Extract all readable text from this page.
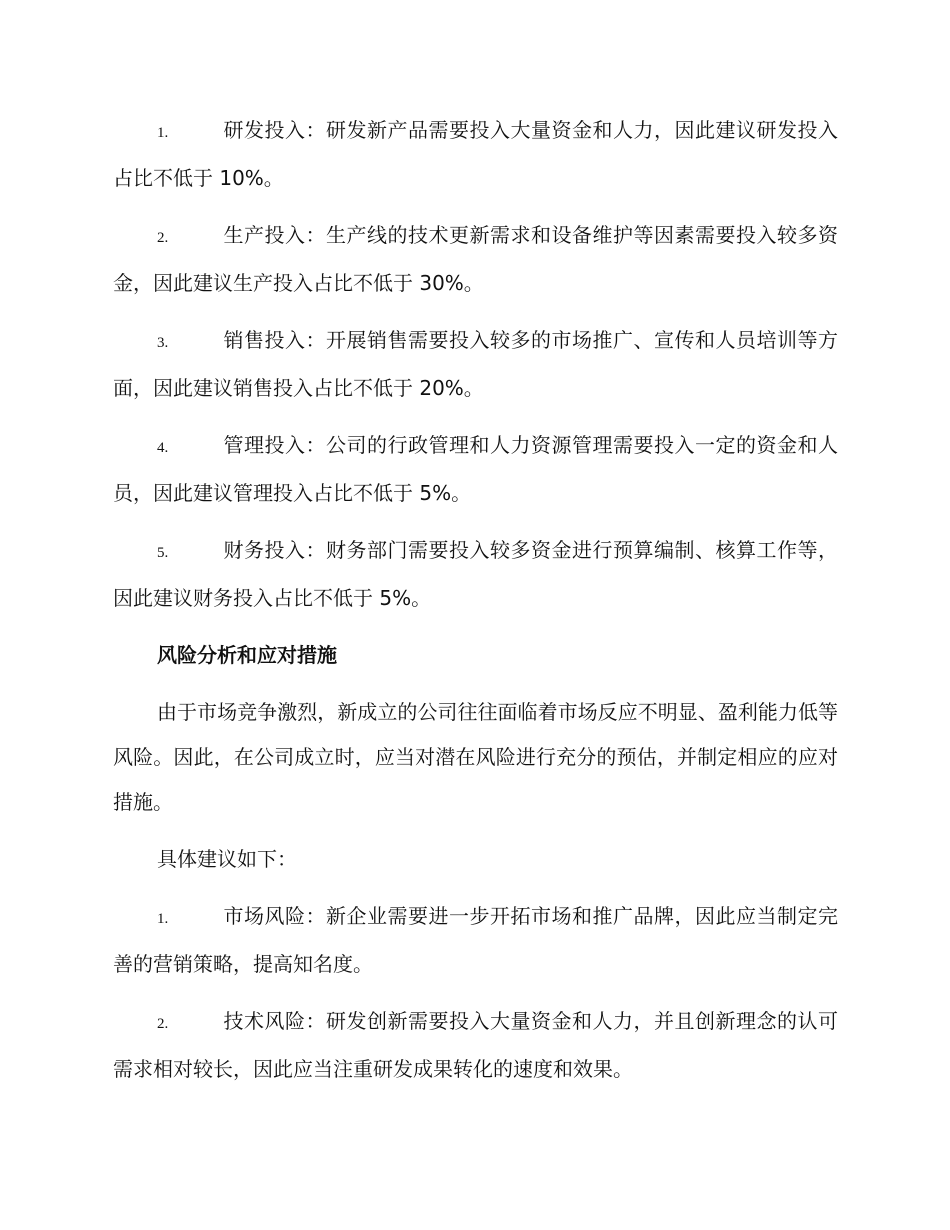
1.	研发投入：研发新产品需要投入大量资金和人力，因此建议研发投入占比不低于 10%。

2.	生产投入：生产线的技术更新需求和设备维护等因素需要投入较多资金，因此建议生产投入占比不低于 30%。

3.	销售投入：开展销售需要投入较多的市场推广、宣传和人员培训等方面，因此建议销售投入占比不低于 20%。

4.	管理投入：公司的行政管理和人力资源管理需要投入一定的资金和人员，因此建议管理投入占比不低于 5%。

5.	财务投入：财务部门需要投入较多资金进行预算编制、核算工作等，因此建议财务投入占比不低于 5%。

风险分析和应对措施

由于市场竞争激烈，新成立的公司往往面临着市场反应不明显、盈利能力低等风险。因此，在公司成立时，应当对潜在风险进行充分的预估，并制定相应的应对措施。

具体建议如下：

1.	市场风险：新企业需要进一步开拓市场和推广品牌，因此应当制定完善的营销策略，提高知名度。

2.	技术风险：研发创新需要投入大量资金和人力，并且创新理念的认可需求相对较长，因此应当注重研发成果转化的速度和效果。
